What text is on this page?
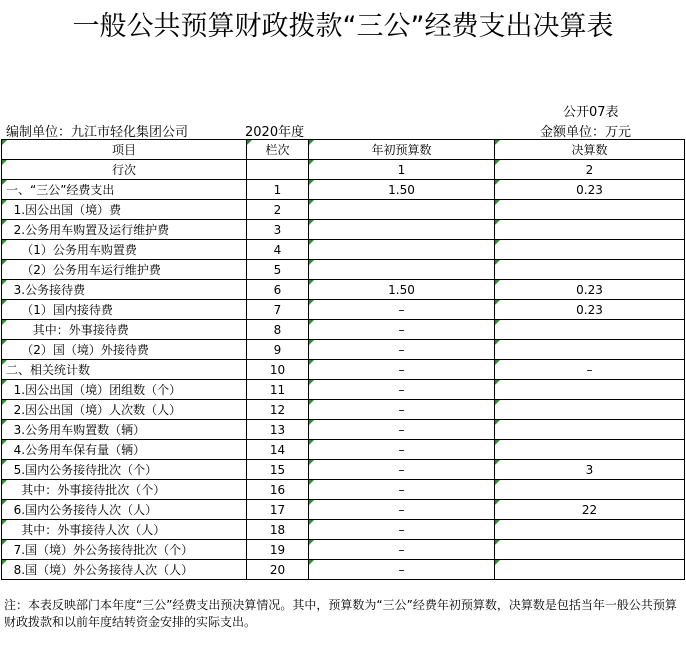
一般公共预算财政拨款“三公”经费支出决算表
公开07表
编制单位：九江市轻化集团公司	2020年度	金额单位：万元
项目	栏次	年初预算数	决算数
行次		1	2
一、“三公”经费支出	1	1.50	0.23
1.因公出国（境）费	2		
2.公务用车购置及运行维护费	3		
（1）公务用车购置费	4		
（2）公务用车运行维护费	5		
3.公务接待费	6	1.50	0.23
（1）国内接待费	7	–	0.23
其中：外事接待费	8	–	
（2）国（境）外接待费	9	–	
二、相关统计数	10	–	–
1.因公出国（境）团组数（个）	11	–	
2.因公出国（境）人次数（人）	12	–	
3.公务用车购置数（辆）	13	–	
4.公务用车保有量（辆）	14	–	
5.国内公务接待批次（个）	15	–	3
其中：外事接待批次（个）	16	–	
6.国内公务接待人次（人）	17	–	22
其中：外事接待人次（人）	18	–	
7.国（境）外公务接待批次（个）	19	–	
8.国（境）外公务接待人次（人）	20	–	
注：本表反映部门本年度“三公”经费支出预决算情况。其中，预算数为“三公”经费年初预算数，决算数是包括当年一般公共预算财政拨款和以前年度结转资金安排的实际支出。
